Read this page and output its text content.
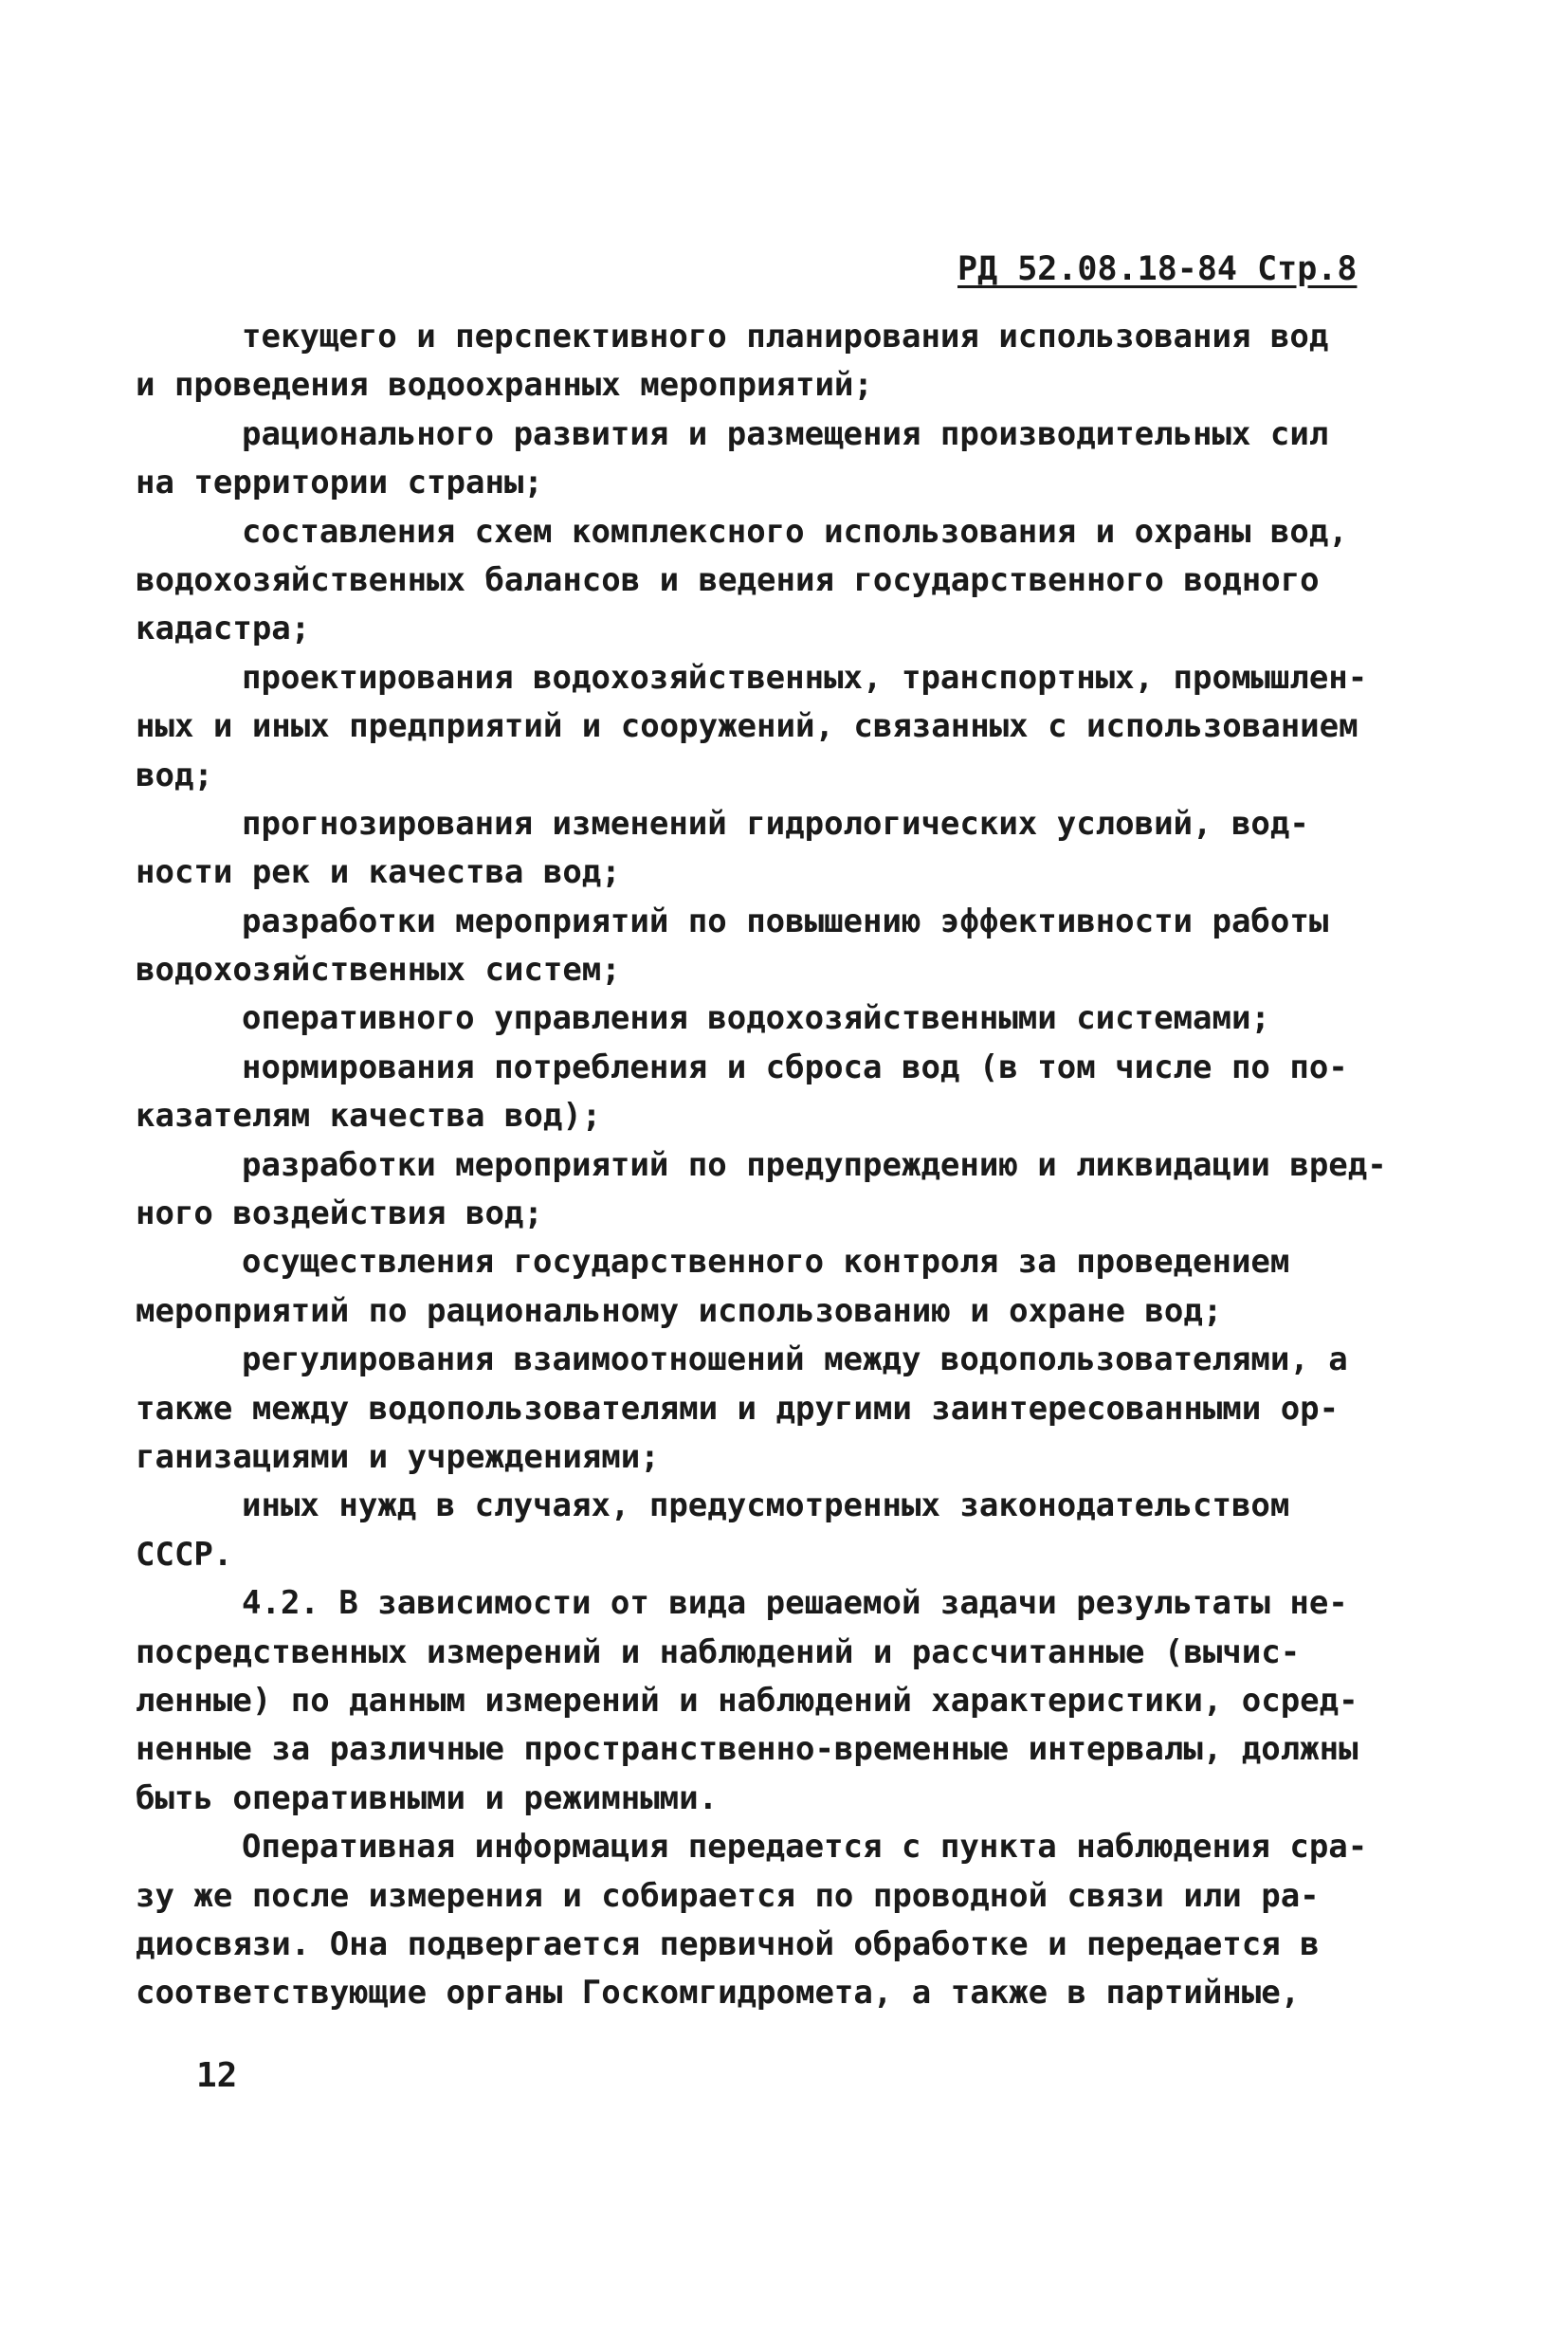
РД 52.08.18-84 Стр.8
текущего и перспективного планирования использования вод
и проведения водоохранных мероприятий;
рационального развития и размещения производительных сил
на территории страны;
составления схем комплексного использования и охраны вод,
водохозяйственных балансов и ведения государственного водного
кадастра;
проектирования водохозяйственных, транспортных, промышлен-
ных и иных предприятий и сооружений, связанных с использованием
вод;
прогнозирования изменений гидрологических условий, вод-
ности рек и качества вод;
разработки мероприятий по повышению эффективности работы
водохозяйственных систем;
оперативного управления водохозяйственными системами;
нормирования потребления и сброса вод (в том числе по по-
казателям качества вод);
разработки мероприятий по предупреждению и ликвидации вред-
ного воздействия вод;
осуществления государственного контроля за проведением
мероприятий по рациональному использованию и охране вод;
регулирования взаимоотношений между водопользователями, а
также между водопользователями и другими заинтересованными ор-
ганизациями и учреждениями;
иных нужд в случаях, предусмотренных законодательством
СССР.
4.2. В зависимости от вида решаемой задачи результаты не-
посредственных измерений и наблюдений и рассчитанные (вычис-
ленные) по данным измерений и наблюдений характеристики, осред-
ненные за различные пространственно-временные интервалы, должны
быть оперативными и режимными.
Оперативная информация передается с пункта наблюдения сра-
зу же после измерения и собирается по проводной связи или ра-
диосвязи. Она подвергается первичной обработке и передается в
соответствующие органы Госкомгидромета, а также в партийные,
12
